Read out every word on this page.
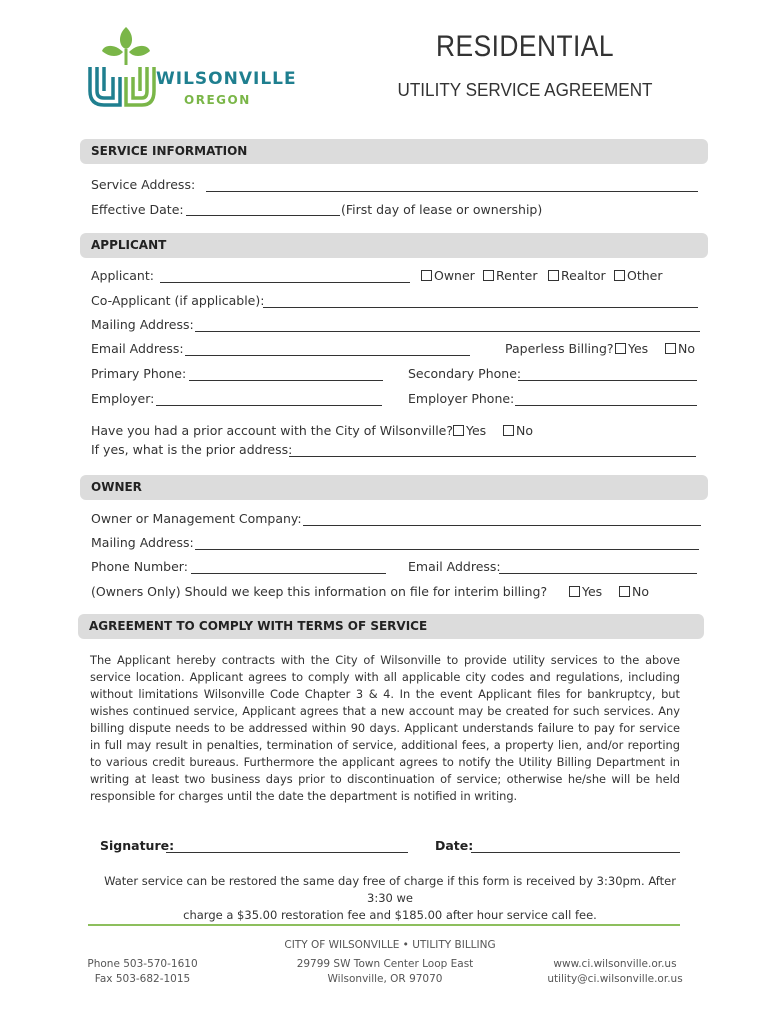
WILSONVILLE
OREGON
RESIDENTIAL
UTILITY SERVICE AGREEMENT
SERVICE INFORMATION
Service Address:
Effective Date:	(First day of lease or ownership)
APPLICANT
Applicant:	Owner	Renter	Realtor	Other
Co-Applicant (if applicable):
Mailing Address:
Email Address:	Paperless Billing?	Yes	No
Primary Phone:	Secondary Phone:
Employer:	Employer Phone:
Have you had a prior account with the City of Wilsonville?	Yes	No
If yes, what is the prior address:
OWNER
Owner or Management Company:
Mailing Address:
Phone Number:	Email Address:
(Owners Only) Should we keep this information on file for interim billing?	Yes	No
AGREEMENT TO COMPLY WITH TERMS OF SERVICE
The Applicant hereby contracts with the City of Wilsonville to provide utility services to the above service location. Applicant agrees to comply with all applicable city codes and regulations, including without limitations Wilsonville Code Chapter 3 & 4. In the event Applicant files for bankruptcy, but wishes continued service, Applicant agrees that a new account may be created for such services. Any billing dispute needs to be addressed within 90 days. Applicant understands failure to pay for service in full may result in penalties, termination of service, additional fees, a property lien, and/or reporting to various credit bureaus. Furthermore the applicant agrees to notify the Utility Billing Department in writing at least two business days prior to discontinuation of service; otherwise he/she will be held responsible for charges until the date the department is notified in writing.
Signature:	Date:
Water service can be restored the same day free of charge if this form is received by 3:30pm. After 3:30 we
charge a $35.00 restoration fee and $185.00 after hour service call fee.
CITY OF WILSONVILLE • UTILITY BILLING
Phone 503-570-1610
Fax 503-682-1015
29799 SW Town Center Loop East
Wilsonville, OR 97070
www.ci.wilsonville.or.us
utility@ci.wilsonville.or.us
